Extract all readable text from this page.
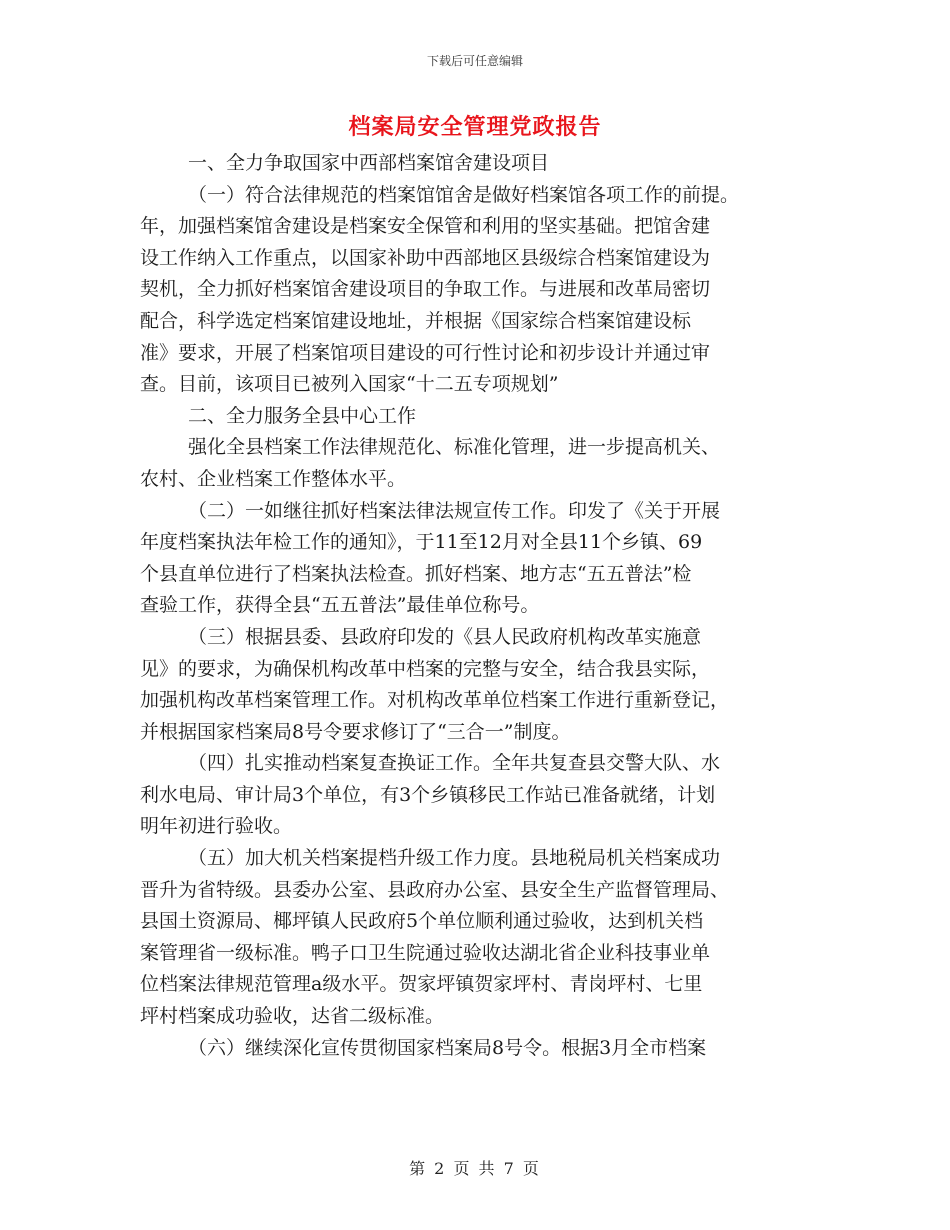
下载后可任意编辑
档案局安全管理党政报告
一、全力争取国家中西部档案馆舍建设项目
（一）符合法律规范的档案馆馆舍是做好档案馆各项工作的前提。
年，加强档案馆舍建设是档案安全保管和利用的坚实基础。把馆舍建
设工作纳入工作重点，以国家补助中西部地区县级综合档案馆建设为
契机，全力抓好档案馆舍建设项目的争取工作。与进展和改革局密切
配合，科学选定档案馆建设地址，并根据《国家综合档案馆建设标
准》要求，开展了档案馆项目建设的可行性讨论和初步设计并通过审
查。目前，该项目已被列入国家“十二五专项规划”
二、全力服务全县中心工作
强化全县档案工作法律规范化、标准化管理，进一步提高机关、
农村、企业档案工作整体水平。
（二）一如继往抓好档案法律法规宣传工作。印发了《关于开展
年度档案执法年检工作的通知》，于11至12月对全县11个乡镇、69
个县直单位进行了档案执法检查。抓好档案、地方志“五五普法”检
查验工作，获得全县“五五普法”最佳单位称号。
（三）根据县委、县政府印发的《县人民政府机构改革实施意
见》的要求，为确保机构改革中档案的完整与安全，结合我县实际，
加强机构改革档案管理工作。对机构改革单位档案工作进行重新登记，
并根据国家档案局8号令要求修订了“三合一”制度。
（四）扎实推动档案复查换证工作。全年共复查县交警大队、水
利水电局、审计局3个单位，有3个乡镇移民工作站已准备就绪，计划
明年初进行验收。
（五）加大机关档案提档升级工作力度。县地税局机关档案成功
晋升为省特级。县委办公室、县政府办公室、县安全生产监督管理局、
县国土资源局、椰坪镇人民政府5个单位顺利通过验收，达到机关档
案管理省一级标准。鸭子口卫生院通过验收达湖北省企业科技事业单
位档案法律规范管理a级水平。贺家坪镇贺家坪村、青岗坪村、七里
坪村档案成功验收，达省二级标准。
（六）继续深化宣传贯彻国家档案局8号令。根据3月全市档案
第 2 页 共 7 页
